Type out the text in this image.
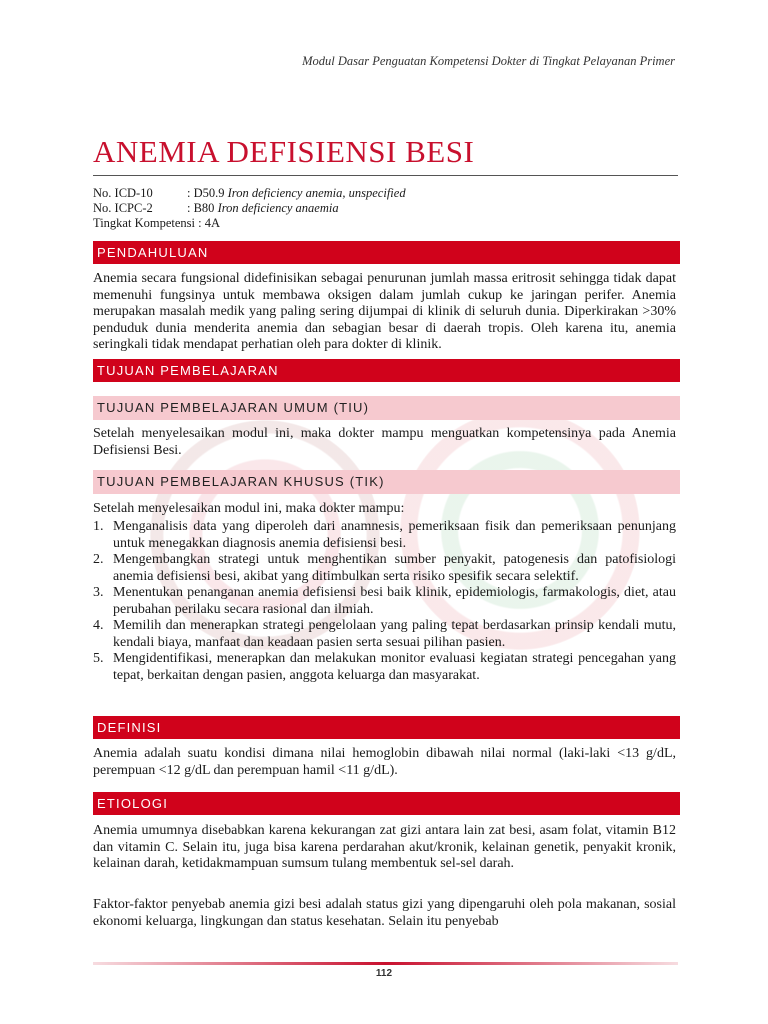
Modul Dasar Penguatan Kompetensi Dokter di Tingkat Pelayanan Primer
ANEMIA DEFISIENSI BESI
No. ICD-10	: D50.9 Iron deficiency anemia, unspecified
No. ICPC-2	: B80 Iron deficiency anaemia
Tingkat Kompetensi : 4A
PENDAHULUAN
Anemia secara fungsional didefinisikan sebagai penurunan jumlah massa eritrosit sehingga tidak dapat memenuhi fungsinya untuk membawa oksigen dalam jumlah cukup ke jaringan perifer. Anemia merupakan masalah medik yang paling sering dijumpai di klinik di seluruh dunia. Diperkirakan >30% penduduk dunia menderita anemia dan sebagian besar di daerah tropis. Oleh karena itu, anemia seringkali tidak mendapat perhatian oleh para dokter di klinik.
TUJUAN PEMBELAJARAN
TUJUAN PEMBELAJARAN UMUM (TIU)
Setelah menyelesaikan modul ini, maka dokter mampu menguatkan kompetensinya pada Anemia Defisiensi Besi.
TUJUAN PEMBELAJARAN KHUSUS (TIK)
Setelah menyelesaikan modul ini, maka dokter mampu:
1. Menganalisis data yang diperoleh dari anamnesis, pemeriksaan fisik dan pemeriksaan penunjang untuk menegakkan diagnosis anemia defisiensi besi.
2. Mengembangkan strategi untuk menghentikan sumber penyakit, patogenesis dan patofisiologi anemia defisiensi besi, akibat yang ditimbulkan serta risiko spesifik secara selektif.
3. Menentukan penanganan anemia defisiensi besi baik klinik, epidemiologis, farmakologis, diet, atau perubahan perilaku secara rasional dan ilmiah.
4. Memilih dan menerapkan strategi pengelolaan yang paling tepat berdasarkan prinsip kendali mutu, kendali biaya, manfaat dan keadaan pasien serta sesuai pilihan pasien.
5. Mengidentifikasi, menerapkan dan melakukan monitor evaluasi kegiatan strategi pencegahan yang tepat, berkaitan dengan pasien, anggota keluarga dan masyarakat.
DEFINISI
Anemia adalah suatu kondisi dimana nilai hemoglobin dibawah nilai normal (laki-laki <13 g/dL, perempuan <12 g/dL dan perempuan hamil <11 g/dL).
ETIOLOGI
Anemia umumnya disebabkan karena kekurangan zat gizi antara lain zat besi, asam folat, vitamin B12 dan vitamin C. Selain itu, juga bisa karena perdarahan akut/kronik, kelainan genetik, penyakit kronik, kelainan darah, ketidakmampuan sumsum tulang membentuk sel-sel darah.
Faktor-faktor penyebab anemia gizi besi adalah status gizi yang dipengaruhi oleh pola makanan, sosial ekonomi keluarga, lingkungan dan status kesehatan. Selain itu penyebab
112
